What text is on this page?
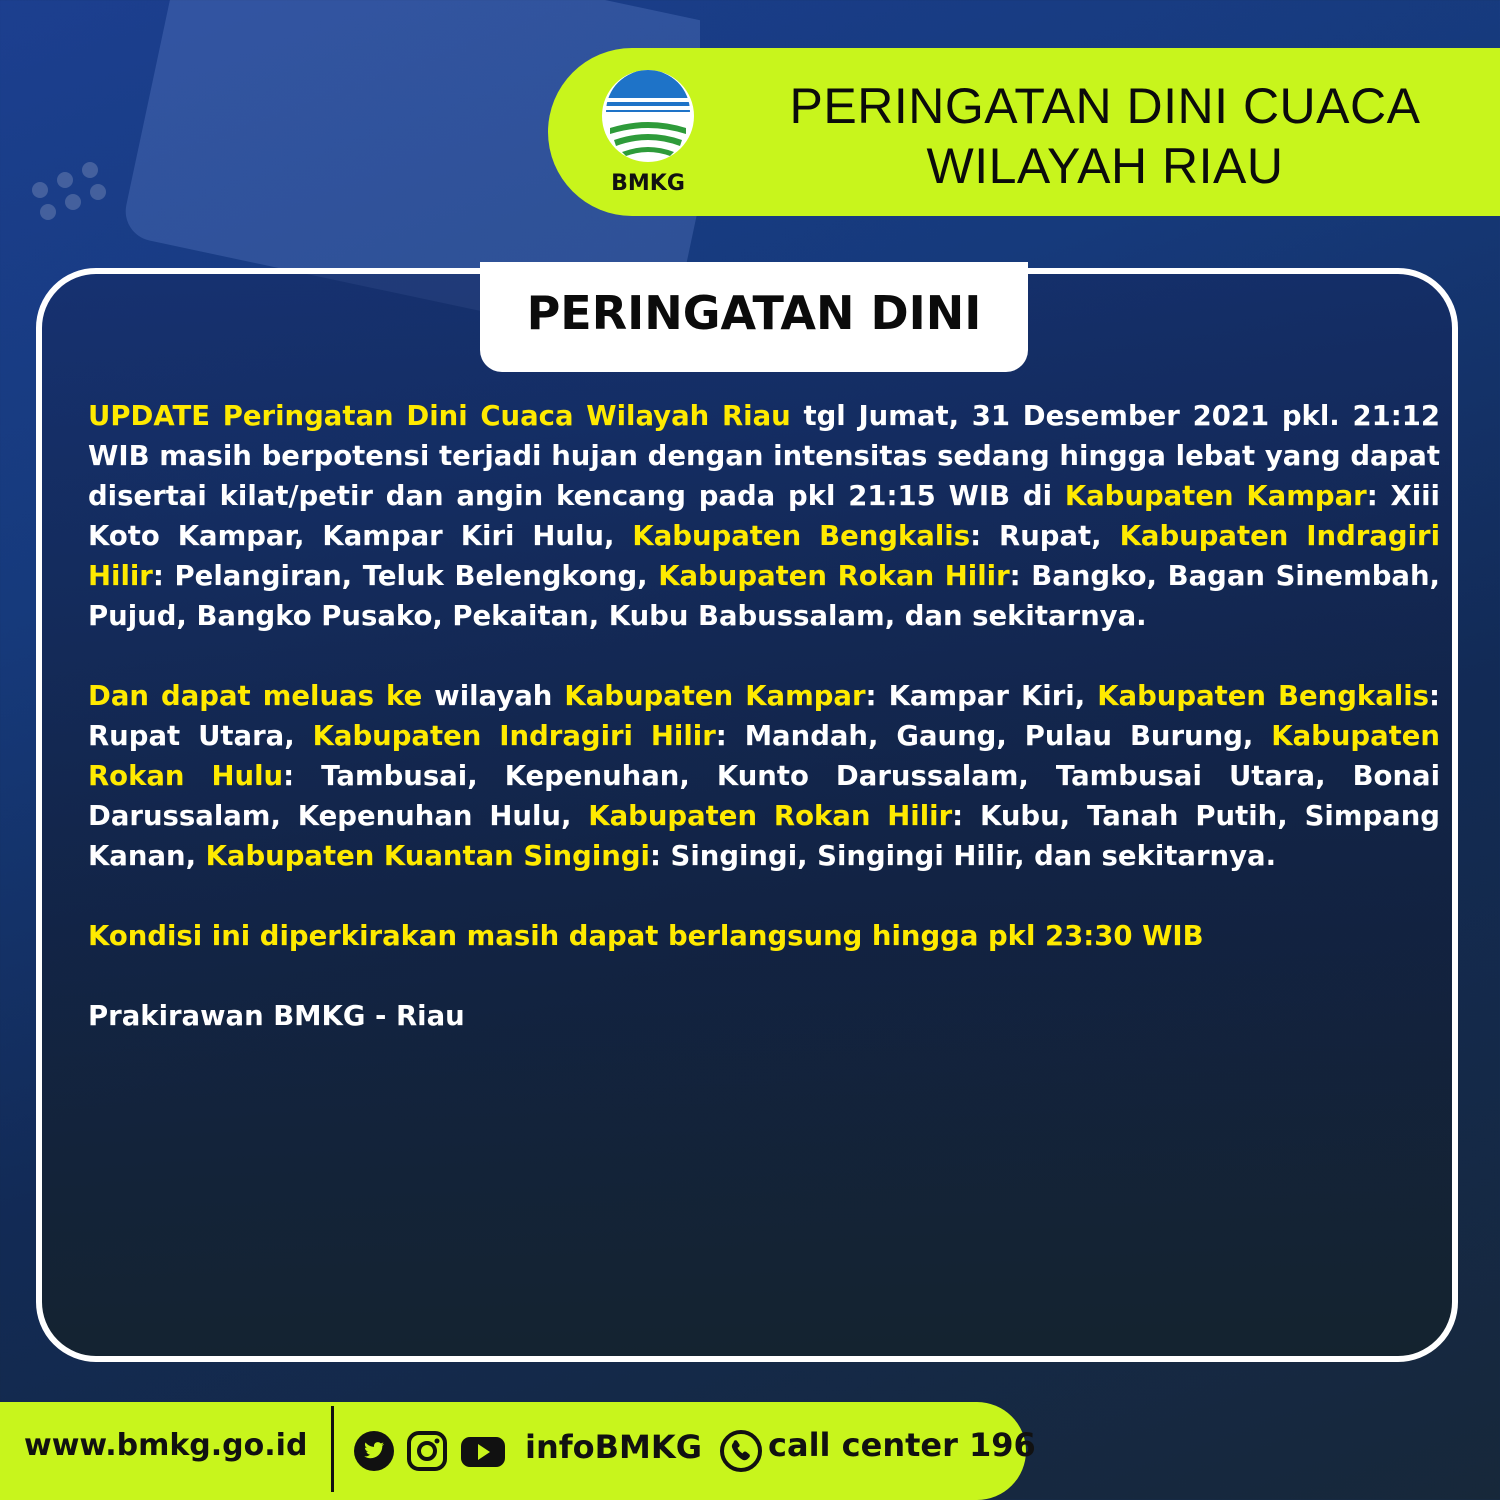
BMKG
PERINGATAN DINI CUACA
WILAYAH RIAU
PERINGATAN DINI

UPDATE Peringatan Dini Cuaca Wilayah Riau tgl Jumat, 31 Desember 2021 pkl. 21:12 WIB masih berpotensi terjadi hujan dengan intensitas sedang hingga lebat yang dapat disertai kilat/petir dan angin kencang pada pkl 21:15 WIB di Kabupaten Kampar: Xiii Koto Kampar, Kampar Kiri Hulu, Kabupaten Bengkalis: Rupat, Kabupaten Indragiri Hilir: Pelangiran, Teluk Belengkong, Kabupaten Rokan Hilir: Bangko, Bagan Sinembah, Pujud, Bangko Pusako, Pekaitan, Kubu Babussalam, dan sekitarnya.

Dan dapat meluas ke wilayah Kabupaten Kampar: Kampar Kiri, Kabupaten Bengkalis: Rupat Utara, Kabupaten Indragiri Hilir: Mandah, Gaung, Pulau Burung, Kabupaten Rokan Hulu: Tambusai, Kepenuhan, Kunto Darussalam, Tambusai Utara, Bonai Darussalam, Kepenuhan Hulu, Kabupaten Rokan Hilir: Kubu, Tanah Putih, Simpang Kanan, Kabupaten Kuantan Singingi: Singingi, Singingi Hilir, dan sekitarnya.

Kondisi ini diperkirakan masih dapat berlangsung hingga pkl 23:30 WIB

Prakirawan BMKG - Riau

www.bmkg.go.id	infoBMKG call center 196
